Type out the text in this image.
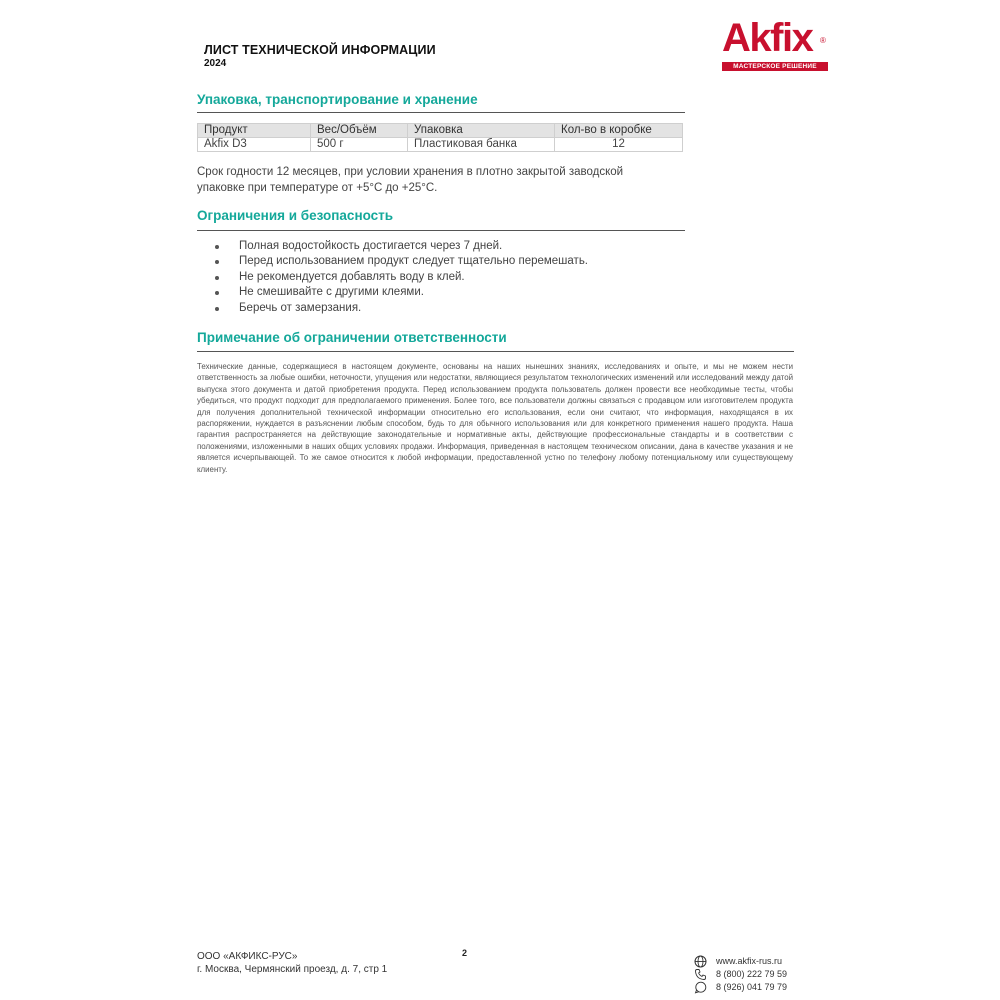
ЛИСТ ТЕХНИЧЕСКОЙ ИНФОРМАЦИИ
2024
Akfix ®
МАСТЕРСКОЕ РЕШЕНИЕ
Упаковка, транспортирование и хранение
Продукт	Вес/Объём	Упаковка	Кол-во в коробке
Akfix D3	500 г	Пластиковая банка	12
Срок годности 12 месяцев, при условии хранения в плотно закрытой заводской упаковке при температуре от +5°С до +25°С.
Ограничения и безопасность
Полная водостойкость достигается через 7 дней.
Перед использованием продукт следует тщательно перемешать.
Не рекомендуется добавлять воду в клей.
Не смешивайте с другими клеями.
Беречь от замерзания.
Примечание об ограничении ответственности
Технические данные, содержащиеся в настоящем документе, основаны на наших нынешних знаниях, исследованиях и опыте, и мы не можем нести ответственность за любые ошибки, неточности, упущения или недостатки, являющиеся результатом технологических изменений или исследований между датой выпуска этого документа и датой приобретения продукта. Перед использованием продукта пользователь должен провести все необходимые тесты, чтобы убедиться, что продукт подходит для предполагаемого применения. Более того, все пользователи должны связаться с продавцом или изготовителем продукта для получения дополнительной технической информации относительно его использования, если они считают, что информация, находящаяся в их распоряжении, нуждается в разъяснении любым способом, будь то для обычного использования или для конкретного применения нашего продукта. Наша гарантия распространяется на действующие законодательные и нормативные акты, действующие профессиональные стандарты и в соответствии с положениями, изложенными в наших общих условиях продажи. Информация, приведенная в настоящем техническом описании, дана в качестве указания и не является исчерпывающей. То же самое относится к любой информации, предоставленной устно по телефону любому потенциальному или существующему клиенту.
2
ООО «АКФИКС-РУС»
г. Москва, Чермянский проезд, д. 7, стр 1
www.akfix-rus.ru
8 (800) 222 79 59
8 (926) 041 79 79
